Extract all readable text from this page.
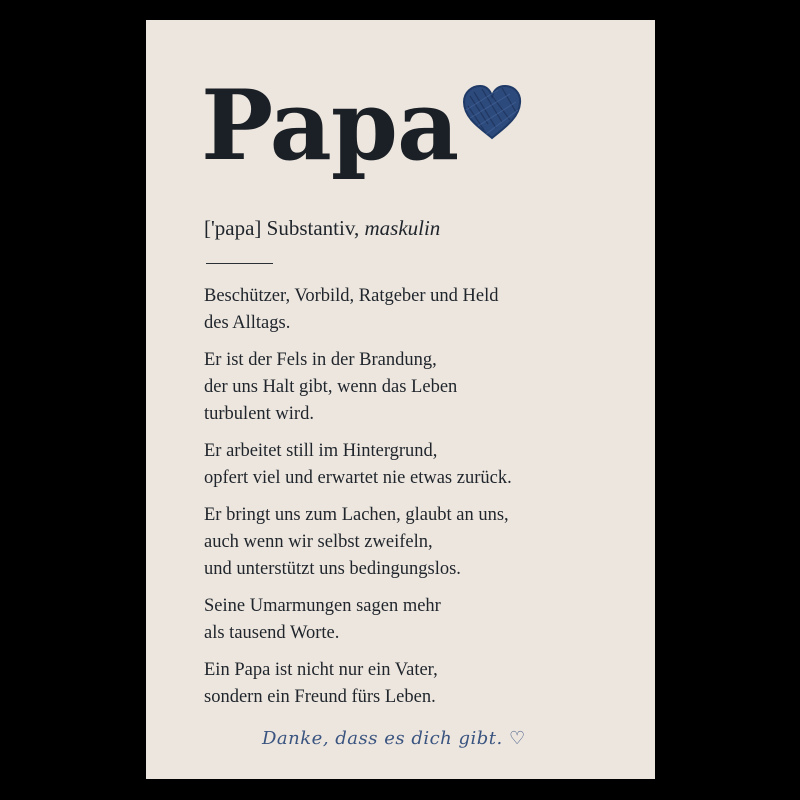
Papa
['papa] Substantiv, maskulin

Beschützer, Vorbild, Ratgeber und Held
des Alltags.

Er ist der Fels in der Brandung,
der uns Halt gibt, wenn das Leben
turbulent wird.

Er arbeitet still im Hintergrund,
opfert viel und erwartet nie etwas zurück.

Er bringt uns zum Lachen, glaubt an uns,
auch wenn wir selbst zweifeln,
und unterstützt uns bedingungslos.

Seine Umarmungen sagen mehr
als tausend Worte.

Ein Papa ist nicht nur ein Vater,
sondern ein Freund fürs Leben.

Danke, dass es dich gibt. ♡
